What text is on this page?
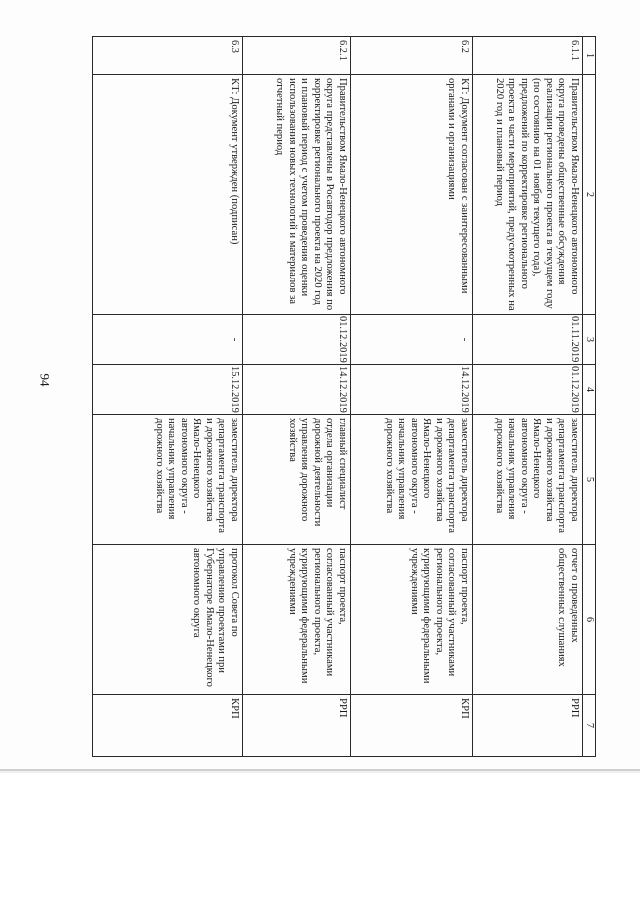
94
1	2	3	4	5	6	7
6.1.1	Правительством Ямало-Ненецкого автономного округа проведены общественные обсуждения реализации регионального проекта в текущем году (по состоянию на 01 ноября текущего года), предложений по корректировке регионального проекта в части мероприятий, предусмотренных на 2020 год и плановый период	01.11.2019	01.12.2019	заместитель директора департамента транспорта и дорожного хозяйства Ямало-Ненецкого автономного округа - начальник управления дорожного хозяйства	отчет о проведенных общественных слушаниях	РРП
6.2	КТ: Документ согласован с заинтересованными органами и организациями	-	14.12.2019	заместитель директора департамента транспорта и дорожного хозяйства Ямало-Ненецкого автономного округа - начальник управления дорожного хозяйства	паспорт проекта, согласованный участниками регионального проекта, курирующими федеральными учреждениями	КРП
6.2.1	Правительством Ямало-Ненецкого автономного округа представлены в Росавтодор предложения по корректировке регионального проекта на 2020 год и плановый период с учетом проведения оценки использования новых технологий и материалов за отчетный период	01.12.2019	14.12.2019	главный специалист отдела организации дорожной деятельности управления дорожного хозяйства	паспорт проекта, согласованный участниками регионального проекта, курирующими федеральными учреждениями	РРП
6.3	КТ: Документ утвержден (подписан)	-	15.12.2019	заместитель директора департамента транспорта и дорожного хозяйства Ямало-Ненецкого автономного округа - начальник управления дорожного хозяйства	протокол Совета по управлению проектами при Губернаторе Ямало-Ненецкого автономного округа	КРП
